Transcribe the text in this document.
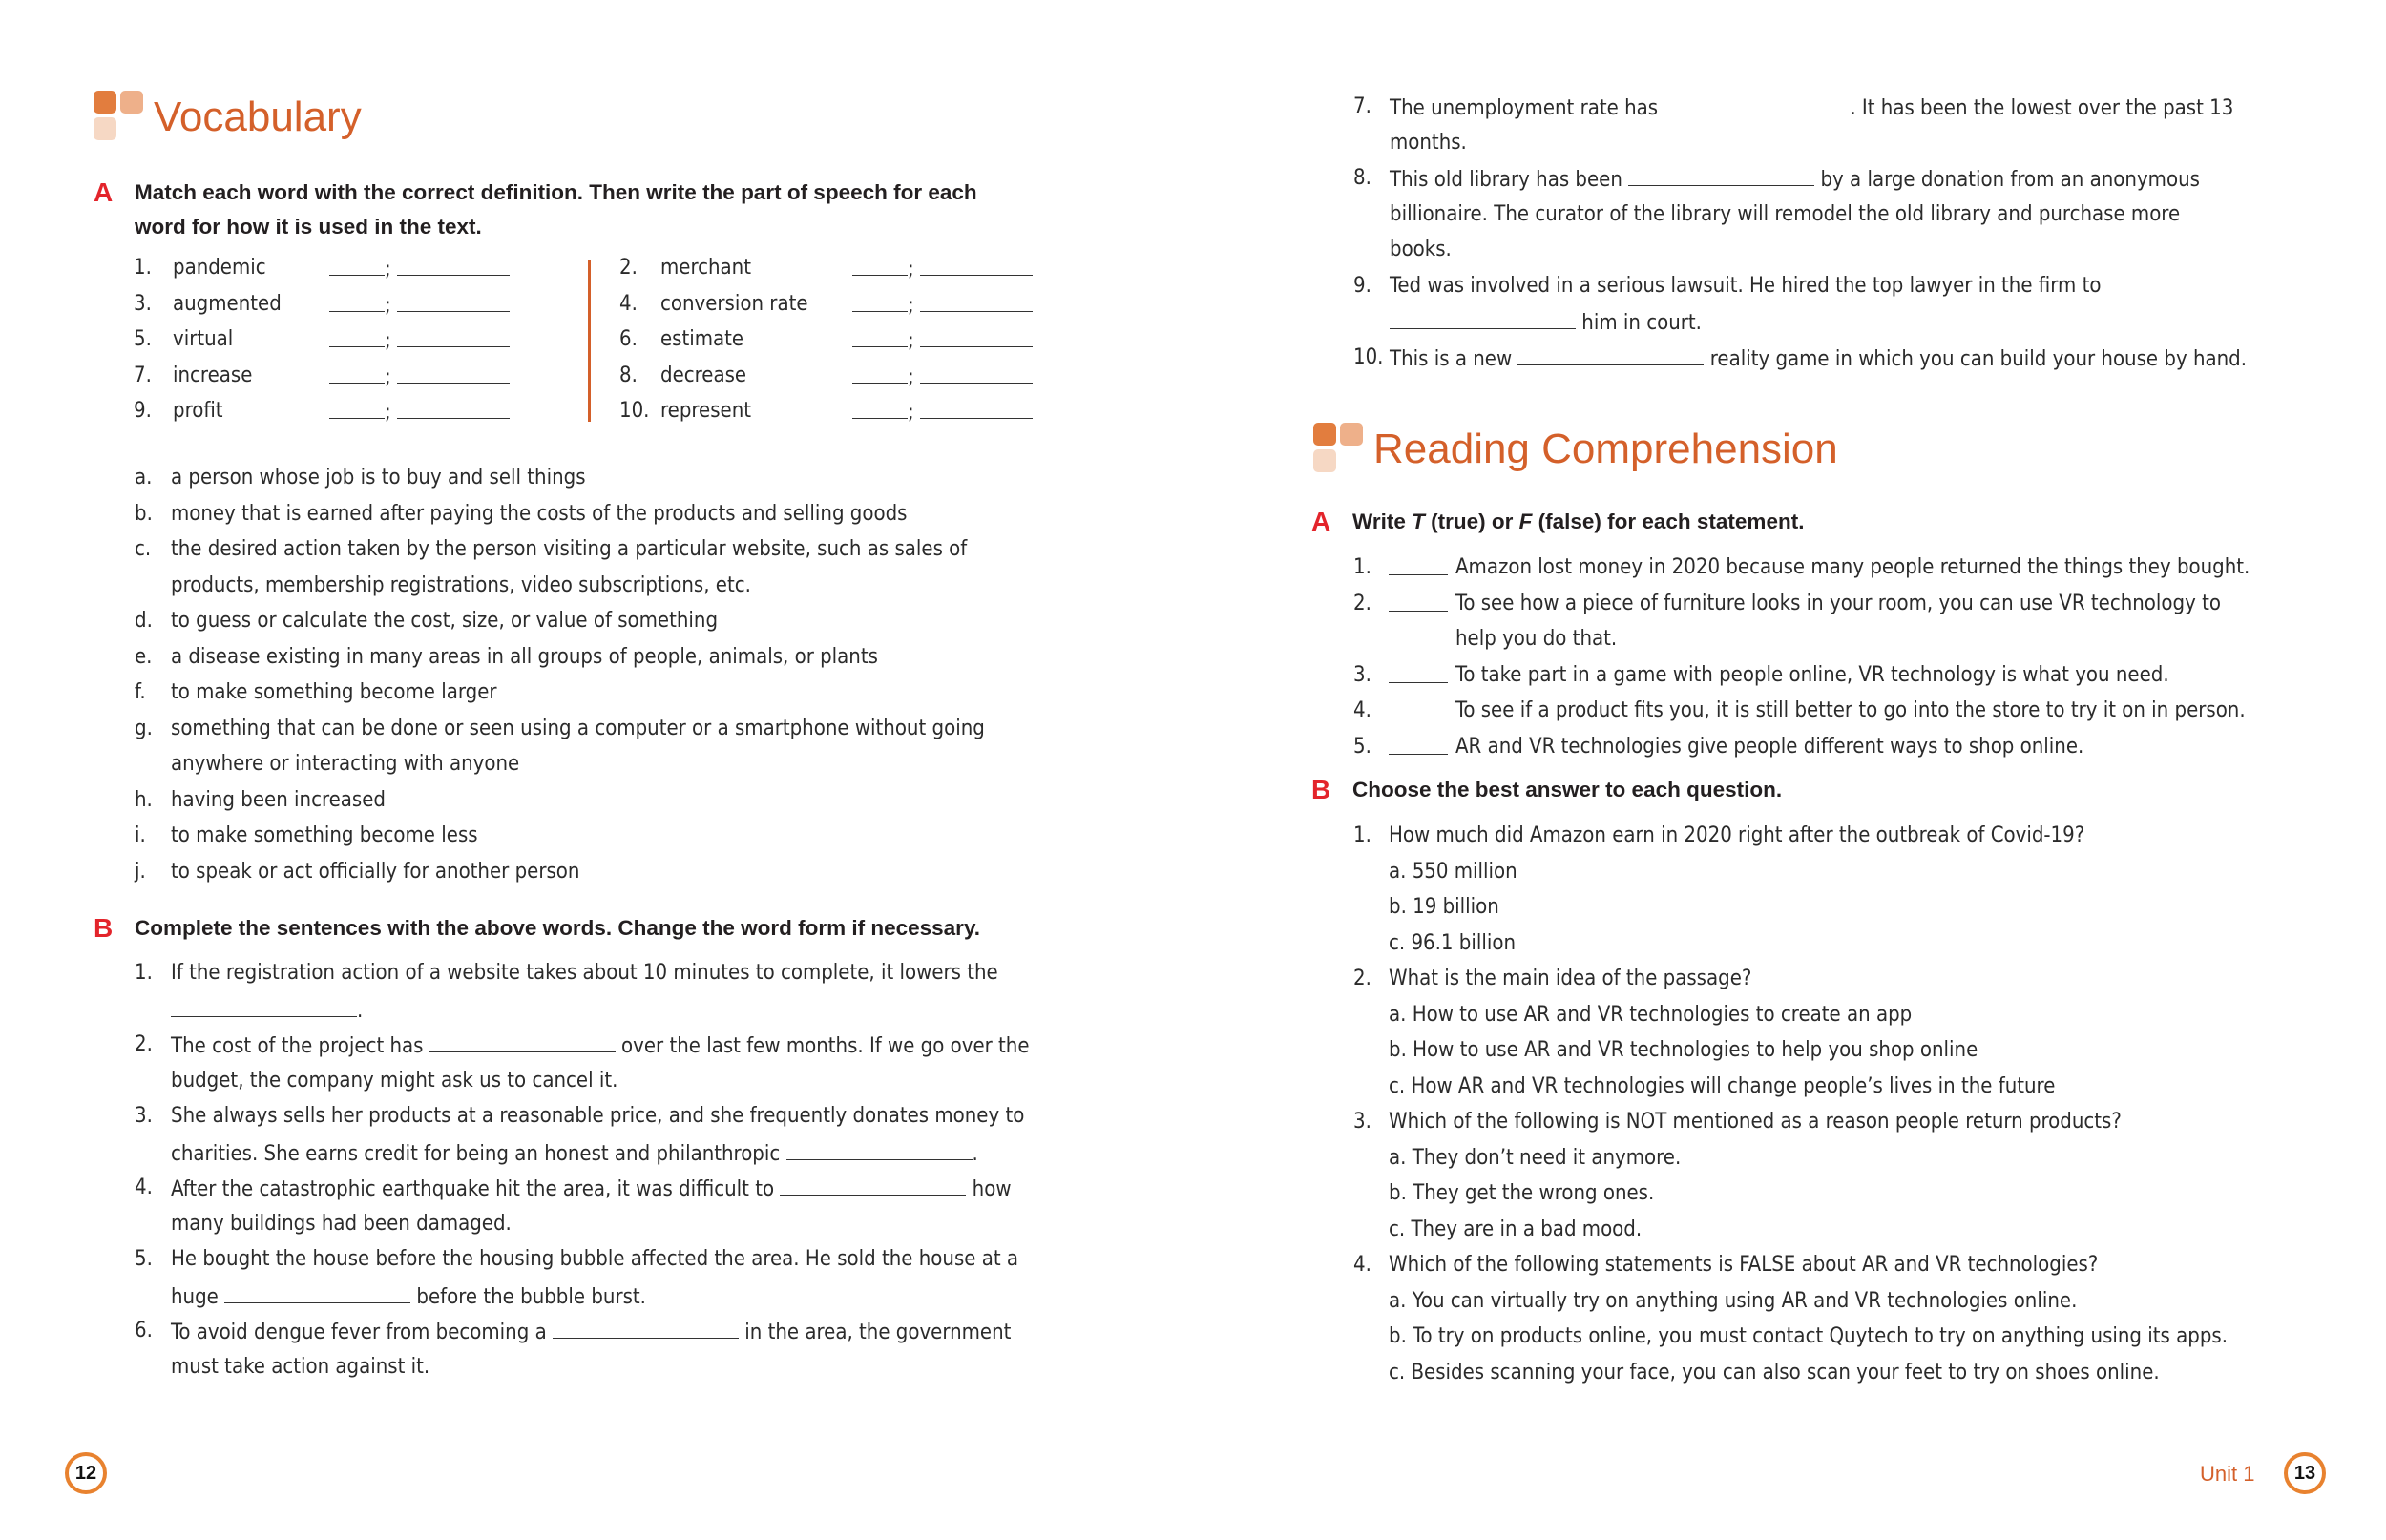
Vocabulary
A Match each word with the correct definition. Then write the part of speech for each
word for how it is used in the text.
1. pandemic	;
3. augmented	;
5. virtual	;
7. increase	;
9. profit	;
2. merchant	;
4. conversion rate	;
6. estimate	;
8. decrease	;
10. represent	;
a. a person whose job is to buy and sell things
b. money that is earned after paying the costs of the products and selling goods
c. the desired action taken by the person visiting a particular website, such as sales of
products, membership registrations, video subscriptions, etc.
d. to guess or calculate the cost, size, or value of something
e. a disease existing in many areas in all groups of people, animals, or plants
f. to make something become larger
g. something that can be done or seen using a computer or a smartphone without going
anywhere or interacting with anyone
h. having been increased
i. to make something become less
j. to speak or act officially for another person
B Complete the sentences with the above words. Change the word form if necessary.
1. If the registration action of a website takes about 10 minutes to complete, it lowers the
.
2. The cost of the project has	over the last few months. If we go over the
budget, the company might ask us to cancel it.
3. She always sells her products at a reasonable price, and she frequently donates money to
charities. She earns credit for being an honest and philanthropic	.
4. After the catastrophic earthquake hit the area, it was difficult to	how
many buildings had been damaged.
5. He bought the house before the housing bubble affected the area. He sold the house at a
huge	before the bubble burst.
6. To avoid dengue fever from becoming a	in the area, the government
must take action against it.
12
7. The unemployment rate has	. It has been the lowest over the past 13
months.
8. This old library has been	by a large donation from an anonymous
billionaire. The curator of the library will remodel the old library and purchase more
books.
9. Ted was involved in a serious lawsuit. He hired the top lawyer in the firm to
him in court.
10. This is a new	reality game in which you can build your house by hand.
Reading Comprehension
A Write T (true) or F (false) for each statement.
1.	Amazon lost money in 2020 because many people returned the things they bought.
2.	To see how a piece of furniture looks in your room, you can use VR technology to
help you do that.
3.	To take part in a game with people online, VR technology is what you need.
4.	To see if a product fits you, it is still better to go into the store to try it on in person.
5.	AR and VR technologies give people different ways to shop online.
B Choose the best answer to each question.
1. How much did Amazon earn in 2020 right after the outbreak of Covid-19?
a. 550 million
b. 19 billion
c. 96.1 billion
2. What is the main idea of the passage?
a. How to use AR and VR technologies to create an app
b. How to use AR and VR technologies to help you shop online
c. How AR and VR technologies will change people’s lives in the future
3. Which of the following is NOT mentioned as a reason people return products?
a. They don’t need it anymore.
b. They get the wrong ones.
c. They are in a bad mood.
4. Which of the following statements is FALSE about AR and VR technologies?
a. You can virtually try on anything using AR and VR technologies online.
b. To try on products online, you must contact Quytech to try on anything using its apps.
c. Besides scanning your face, you can also scan your feet to try on shoes online.
Unit 1	13
